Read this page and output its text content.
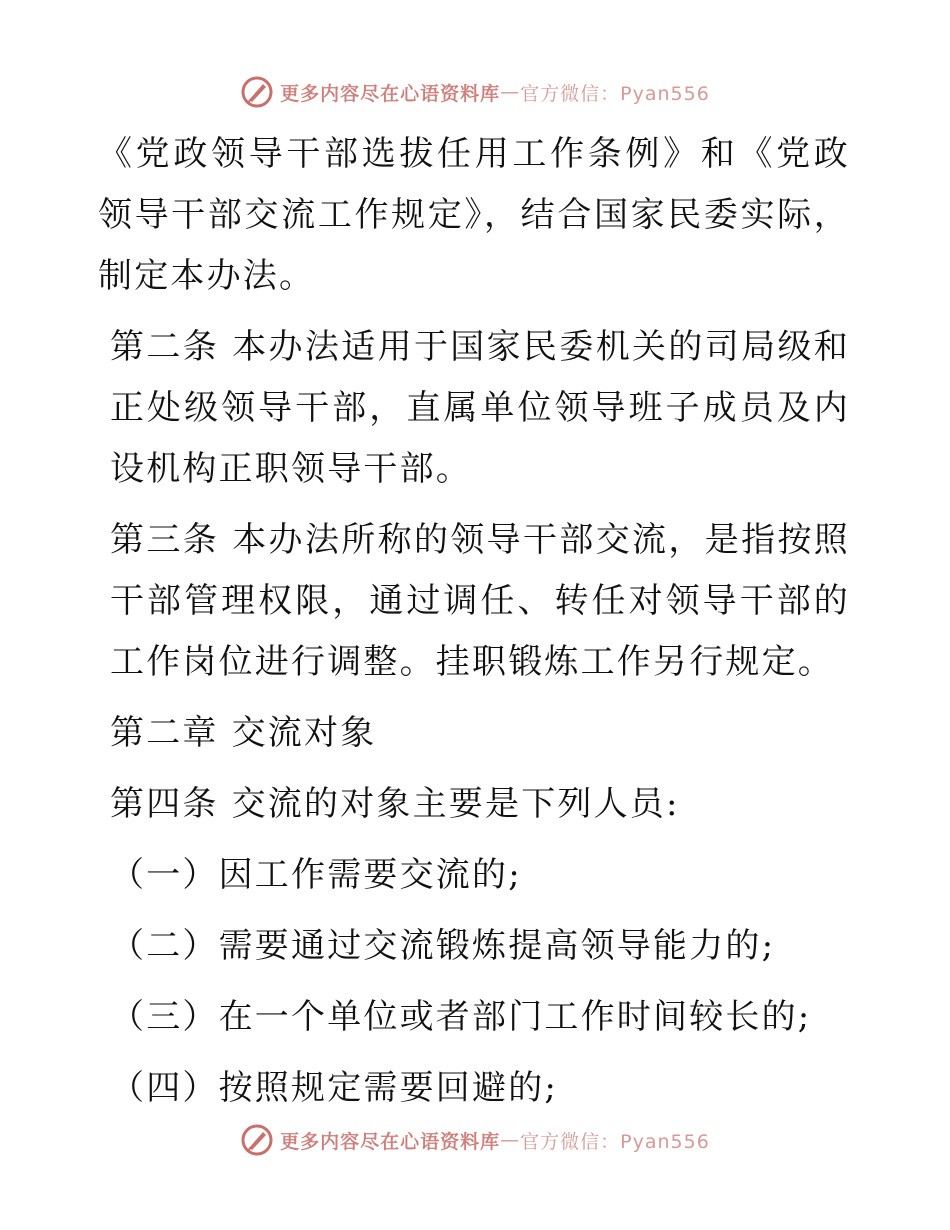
更多内容尽在心语资料库 — 官方微信：Pyan556

《党政领导干部选拔任用工作条例》和《党政领导干部交流工作规定》，结合国家民委实际，制定本办法。

第二条 本办法适用于国家民委机关的司局级和正处级领导干部，直属单位领导班子成员及内设机构正职领导干部。

第三条 本办法所称的领导干部交流，是指按照干部管理权限，通过调任、转任对领导干部的工作岗位进行调整。挂职锻炼工作另行规定。

第二章 交流对象

第四条 交流的对象主要是下列人员:

（一）因工作需要交流的;

（二）需要通过交流锻炼提高领导能力的;

（三）在一个单位或者部门工作时间较长的;

（四）按照规定需要回避的;

更多内容尽在心语资料库 — 官方微信：Pyan556
